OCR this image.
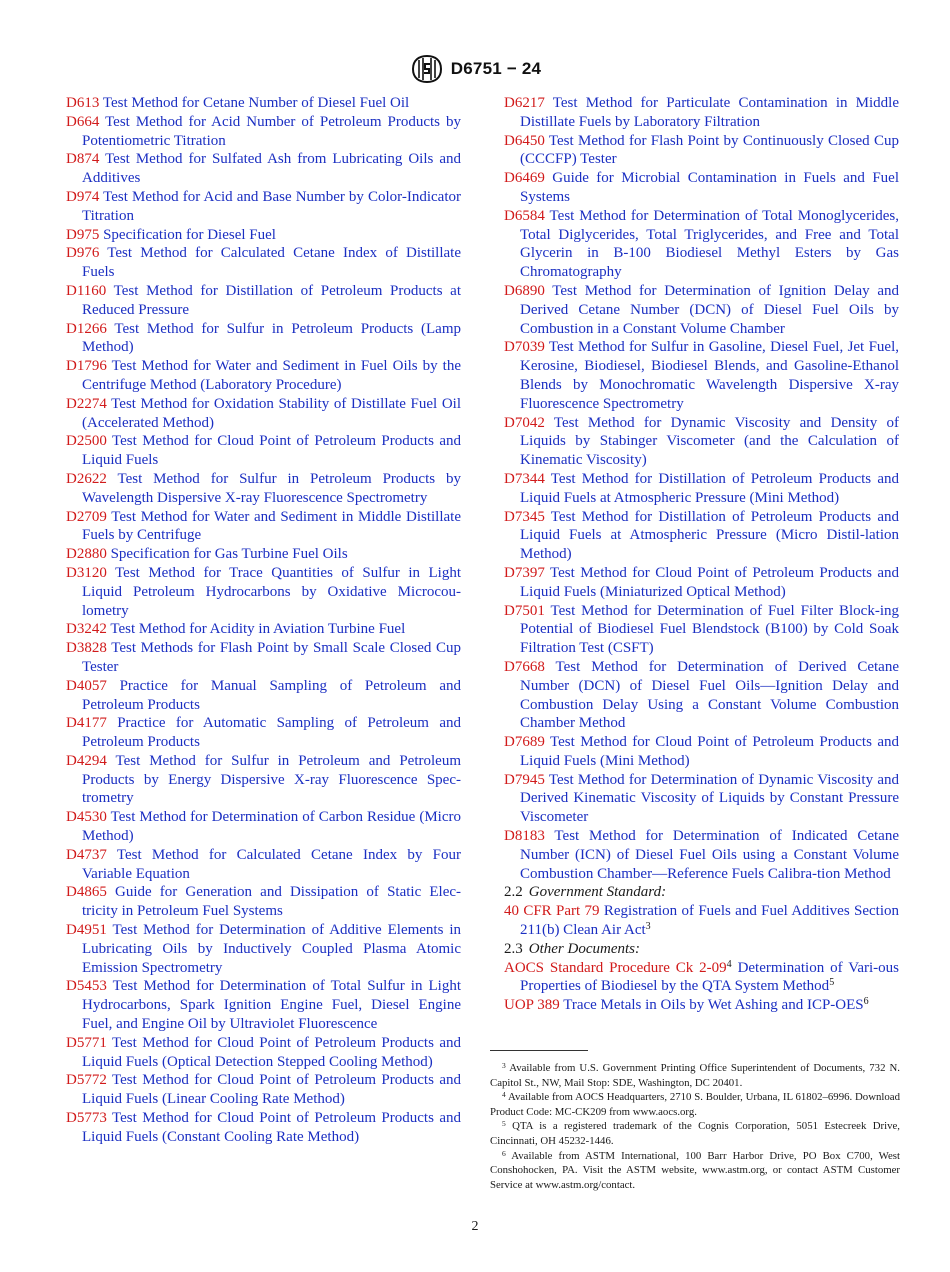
D6751 − 24

D613 Test Method for Cetane Number of Diesel Fuel Oil

D664 Test Method for Acid Number of Petroleum Products by Potentiometric Titration

D874 Test Method for Sulfated Ash from Lubricating Oils and Additives

D974 Test Method for Acid and Base Number by Color-Indicator Titration

D975 Specification for Diesel Fuel

D976 Test Method for Calculated Cetane Index of Distillate Fuels

D1160 Test Method for Distillation of Petroleum Products at Reduced Pressure

D1266 Test Method for Sulfur in Petroleum Products (Lamp Method)

D1796 Test Method for Water and Sediment in Fuel Oils by the Centrifuge Method (Laboratory Procedure)

D2274 Test Method for Oxidation Stability of Distillate Fuel Oil (Accelerated Method)

D2500 Test Method for Cloud Point of Petroleum Products and Liquid Fuels

D2622 Test Method for Sulfur in Petroleum Products by Wavelength Dispersive X-ray Fluorescence Spectrometry

D2709 Test Method for Water and Sediment in Middle Distillate Fuels by Centrifuge

D2880 Specification for Gas Turbine Fuel Oils

D3120 Test Method for Trace Quantities of Sulfur in Light Liquid Petroleum Hydrocarbons by Oxidative Microcou-lometry

D3242 Test Method for Acidity in Aviation Turbine Fuel

D3828 Test Methods for Flash Point by Small Scale Closed Cup Tester

D4057 Practice for Manual Sampling of Petroleum and Petroleum Products

D4177 Practice for Automatic Sampling of Petroleum and Petroleum Products

D4294 Test Method for Sulfur in Petroleum and Petroleum Products by Energy Dispersive X-ray Fluorescence Spec-trometry

D4530 Test Method for Determination of Carbon Residue (Micro Method)

D4737 Test Method for Calculated Cetane Index by Four Variable Equation

D4865 Guide for Generation and Dissipation of Static Elec-tricity in Petroleum Fuel Systems

D4951 Test Method for Determination of Additive Elements in Lubricating Oils by Inductively Coupled Plasma Atomic Emission Spectrometry

D5453 Test Method for Determination of Total Sulfur in Light Hydrocarbons, Spark Ignition Engine Fuel, Diesel Engine Fuel, and Engine Oil by Ultraviolet Fluorescence

D5771 Test Method for Cloud Point of Petroleum Products and Liquid Fuels (Optical Detection Stepped Cooling Method)

D5772 Test Method for Cloud Point of Petroleum Products and Liquid Fuels (Linear Cooling Rate Method)

D5773 Test Method for Cloud Point of Petroleum Products and Liquid Fuels (Constant Cooling Rate Method)

D6217 Test Method for Particulate Contamination in Middle Distillate Fuels by Laboratory Filtration

D6450 Test Method for Flash Point by Continuously Closed Cup (CCCFP) Tester

D6469 Guide for Microbial Contamination in Fuels and Fuel Systems

D6584 Test Method for Determination of Total Monoglycerides, Total Diglycerides, Total Triglycerides, and Free and Total Glycerin in B-100 Biodiesel Methyl Esters by Gas Chromatography

D6890 Test Method for Determination of Ignition Delay and Derived Cetane Number (DCN) of Diesel Fuel Oils by Combustion in a Constant Volume Chamber

D7039 Test Method for Sulfur in Gasoline, Diesel Fuel, Jet Fuel, Kerosine, Biodiesel, Biodiesel Blends, and Gasoline-Ethanol Blends by Monochromatic Wavelength Dispersive X-ray Fluorescence Spectrometry

D7042 Test Method for Dynamic Viscosity and Density of Liquids by Stabinger Viscometer (and the Calculation of Kinematic Viscosity)

D7344 Test Method for Distillation of Petroleum Products and Liquid Fuels at Atmospheric Pressure (Mini Method)

D7345 Test Method for Distillation of Petroleum Products and Liquid Fuels at Atmospheric Pressure (Micro Distil-lation Method)

D7397 Test Method for Cloud Point of Petroleum Products and Liquid Fuels (Miniaturized Optical Method)

D7501 Test Method for Determination of Fuel Filter Block-ing Potential of Biodiesel Fuel Blendstock (B100) by Cold Soak Filtration Test (CSFT)

D7668 Test Method for Determination of Derived Cetane Number (DCN) of Diesel Fuel Oils—Ignition Delay and Combustion Delay Using a Constant Volume Combustion Chamber Method

D7689 Test Method for Cloud Point of Petroleum Products and Liquid Fuels (Mini Method)

D7945 Test Method for Determination of Dynamic Viscosity and Derived Kinematic Viscosity of Liquids by Constant Pressure Viscometer

D8183 Test Method for Determination of Indicated Cetane Number (ICN) of Diesel Fuel Oils using a Constant Volume Combustion Chamber—Reference Fuels Calibra-tion Method

2.2 Government Standard:

40 CFR Part 79 Registration of Fuels and Fuel Additives Section 211(b) Clean Air Act$^3$

2.3 Other Documents:

AOCS Standard Procedure Ck $2-09^4$ Determination of Vari-ous Properties of Biodiesel by the QTA System Method$^5$

UOP 389 Trace Metals in Oils by Wet Ashing and ICP-OES$^6$

$^3$ Available from U.S. Government Printing Office Superintendent of Documents, 732 N. Capitol St., NW, Mail Stop: SDE, Washington, DC 20401.

$^4$ Available from AOCS Headquarters, 2710 S. Boulder, Urbana, IL 61802–6996. Download Product Code: MC-CK209 from www.aocs.org.

$^5$ QTA is a registered trademark of the Cognis Corporation, 5051 Estecreek Drive, Cincinnati, OH 45232-1446.

$^6$ Available from ASTM International, 100 Barr Harbor Drive, PO Box C700, West Conshohocken, PA. Visit the ASTM website, www.astm.org, or contact ASTM Customer Service at www.astm.org/contact.

2
